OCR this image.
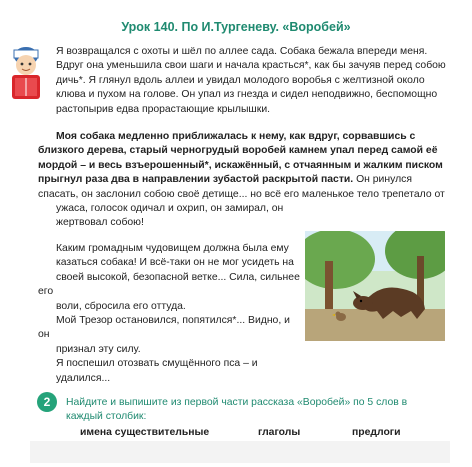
Урок 140. По И.Тургеневу. «Воробей»

Я возвращался с охоты и шёл по аллее сада. Собака бежала впереди меня.
Вдруг она уменьшила свои шаги и начала красться*, как бы зачуяв перед собою
дичь*. Я глянул вдоль аллеи и увидал молодого воробья с желтизной около
клюва и пухом на голове. Он упал из гнезда и сидел неподвижно, беспомощно
растопырив едва прорастающие крылышки.

Моя собака медленно приближалась к нему, как вдруг, сорвавшись с близкого дерева, старый черногрудый воробей камнем упал перед самой её мордой – и весь взъерошенный*, искажённый, с отчаянным и жалким писком прыгнул раза два в направлении зубастой раскрытой пасти. Он ринулся спасать, он заслонил собою своё детище... но всё его маленькое тело трепетало от

ужаса, голосок одичал и охрип, он замирал, он
жертвовал собою!

Каким громадным чудовищем должна была ему
казаться собака! И всё-таки он не мог усидеть на
своей высокой, безопасной ветке... Сила, сильнее его
воли, сбросила его оттуда.
Мой Трезор остановился, попятился*... Видно, и он
признал эту силу.
Я поспешил отозвать смущённого пса – и
удалился...

2	Найдите и выпишите из первой части рассказа «Воробей» по 5 слов в каждый столбик:

имена существительные	глаголы	предлоги
